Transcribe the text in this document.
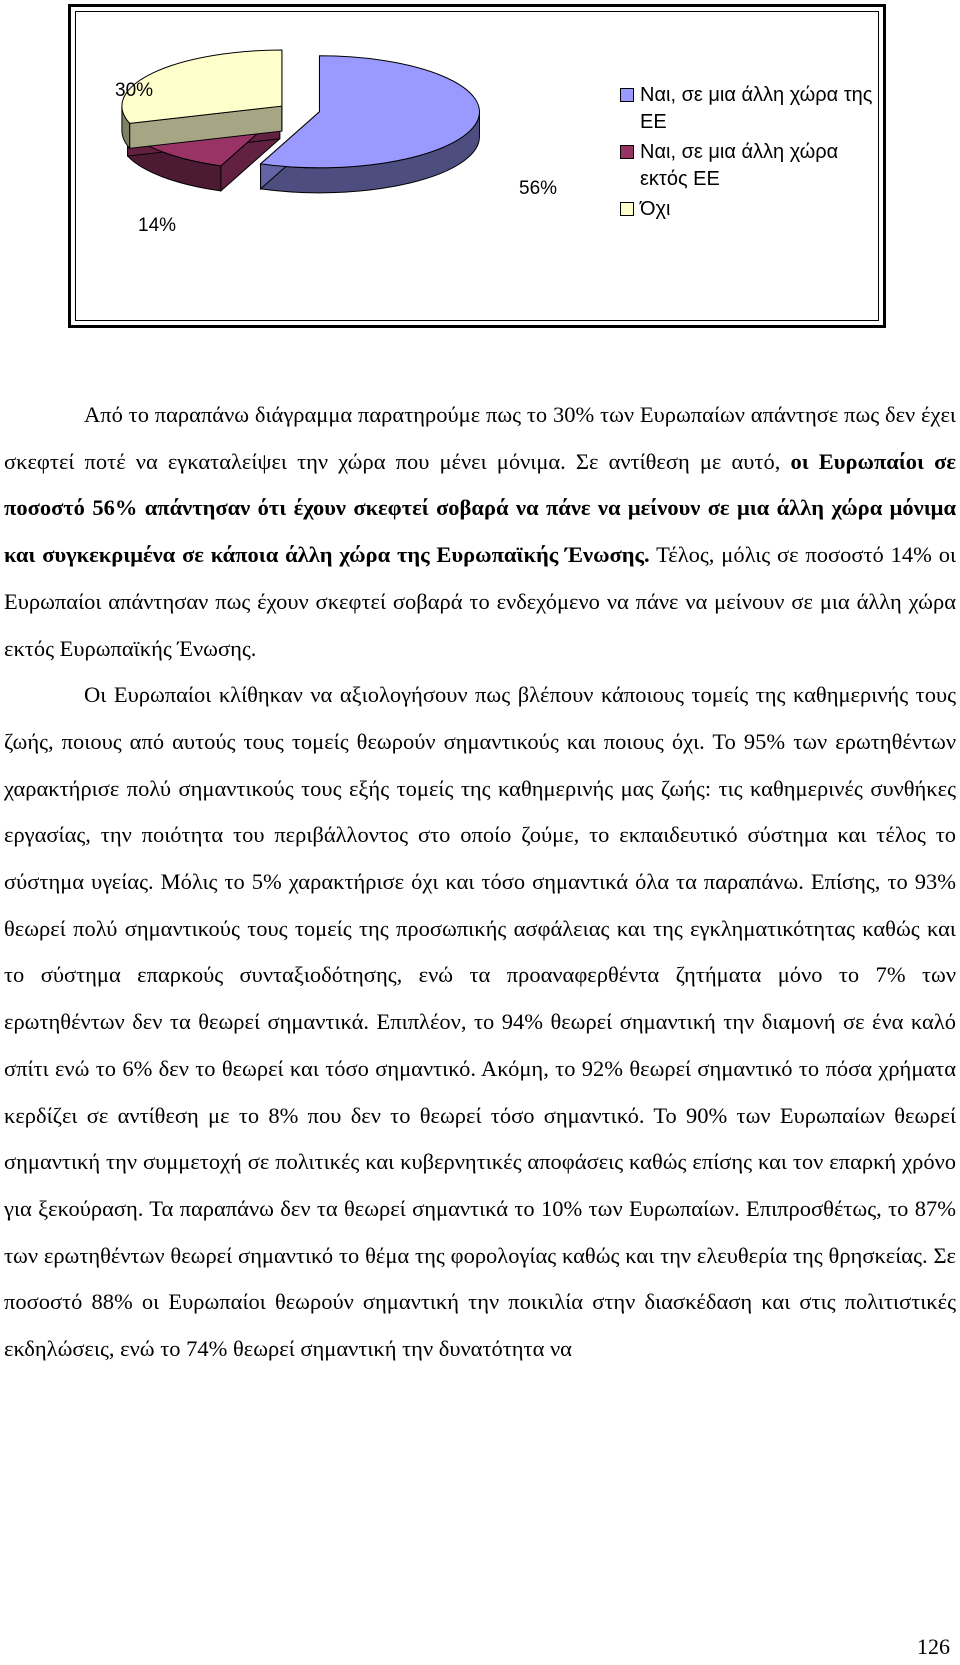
56%
14%
30%	Ναι, σε μια άλλη χώρα της ΕΕ
Ναι, σε μια άλλη χώρα εκτός ΕΕ
Όχι

Από το παραπάνω διάγραμμα παρατηρούμε πως το 30% των Ευρωπαίων απάντησε πως δεν έχει σκεφτεί ποτέ να εγκαταλείψει την χώρα που μένει μόνιμα. Σε αντίθεση με αυτό, οι Ευρωπαίοι σε ποσοστό 56% απάντησαν ότι έχουν σκεφτεί σοβαρά να πάνε να μείνουν σε μια άλλη χώρα μόνιμα και συγκεκριμένα σε κάποια άλλη χώρα της Ευρωπαϊκής Ένωσης. Τέλος, μόλις σε ποσοστό 14% οι Ευρωπαίοι απάντησαν πως έχουν σκεφτεί σοβαρά το ενδεχόμενο να πάνε να μείνουν σε μια άλλη χώρα εκτός Ευρωπαϊκής Ένωσης.

Οι Ευρωπαίοι κλίθηκαν να αξιολογήσουν πως βλέπουν κάποιους τομείς της καθημερινής τους ζωής, ποιους από αυτούς τους τομείς θεωρούν σημαντικούς και ποιους όχι. Το 95% των ερωτηθέντων χαρακτήρισε πολύ σημαντικούς τους εξής τομείς της καθημερινής μας ζωής: τις καθημερινές συνθήκες εργασίας, την ποιότητα του περιβάλλοντος στο οποίο ζούμε, το εκπαιδευτικό σύστημα και τέλος το σύστημα υγείας. Μόλις το 5% χαρακτήρισε όχι και τόσο σημαντικά όλα τα παραπάνω. Επίσης, το 93% θεωρεί πολύ σημαντικούς τους τομείς της προσωπικής ασφάλειας και της εγκληματικότητας καθώς και το σύστημα επαρκούς συνταξιοδότησης, ενώ τα προαναφερθέντα ζητήματα μόνο το 7% των ερωτηθέντων δεν τα θεωρεί σημαντικά. Επιπλέον, το 94% θεωρεί σημαντική την διαμονή σε ένα καλό σπίτι ενώ το 6% δεν το θεωρεί και τόσο σημαντικό. Ακόμη, το 92% θεωρεί σημαντικό το πόσα χρήματα κερδίζει σε αντίθεση με το 8% που δεν το θεωρεί τόσο σημαντικό. Το 90% των Ευρωπαίων θεωρεί σημαντική την συμμετοχή σε πολιτικές και κυβερνητικές αποφάσεις καθώς επίσης και τον επαρκή χρόνο για ξεκούραση. Τα παραπάνω δεν τα θεωρεί σημαντικά το 10% των Ευρωπαίων. Επιπροσθέτως, το 87% των ερωτηθέντων θεωρεί σημαντικό το θέμα της φορολογίας καθώς και την ελευθερία της θρησκείας. Σε ποσοστό 88% οι Ευρωπαίοι θεωρούν σημαντική την ποικιλία στην διασκέδαση και στις πολιτιστικές εκδηλώσεις, ενώ το 74% θεωρεί σημαντική την δυνατότητα να

126
